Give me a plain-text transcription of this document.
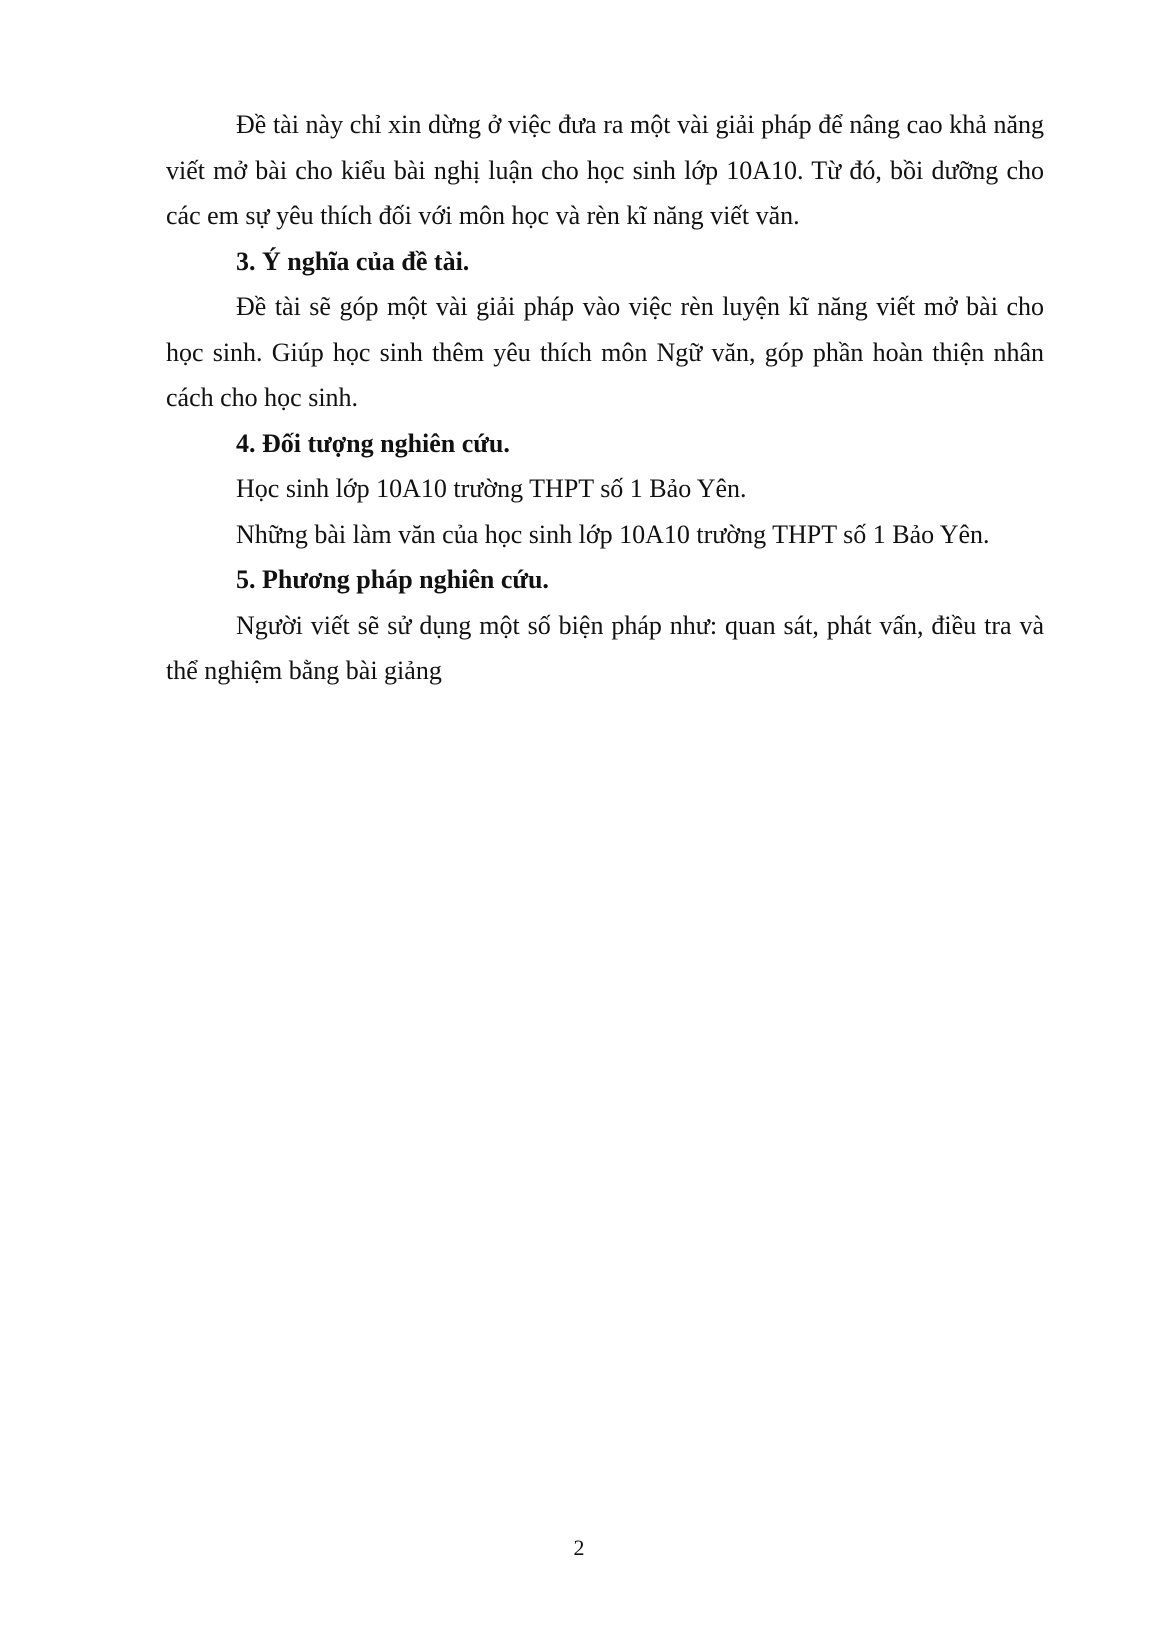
Đề tài này chỉ xin dừng ở việc đưa ra một vài giải pháp để nâng cao khả năng viết mở bài cho kiểu bài nghị luận cho học sinh lớp 10A10. Từ đó, bồi dưỡng cho các em sự yêu thích đối với môn học và rèn kĩ năng viết văn.

3. Ý nghĩa của đề tài.

Đề tài sẽ góp một vài giải pháp vào việc rèn luyện kĩ năng viết mở bài cho học sinh. Giúp học sinh thêm yêu thích môn Ngữ văn, góp phần hoàn thiện nhân cách cho học sinh.

4. Đối tượng nghiên cứu.

Học sinh lớp 10A10 trường THPT số 1 Bảo Yên.

Những bài làm văn của học sinh lớp 10A10 trường THPT số 1 Bảo Yên.

5. Phương pháp nghiên cứu.

Người viết sẽ sử dụng một số biện pháp như: quan sát, phát vấn, điều tra và thể nghiệm bằng bài giảng

2
